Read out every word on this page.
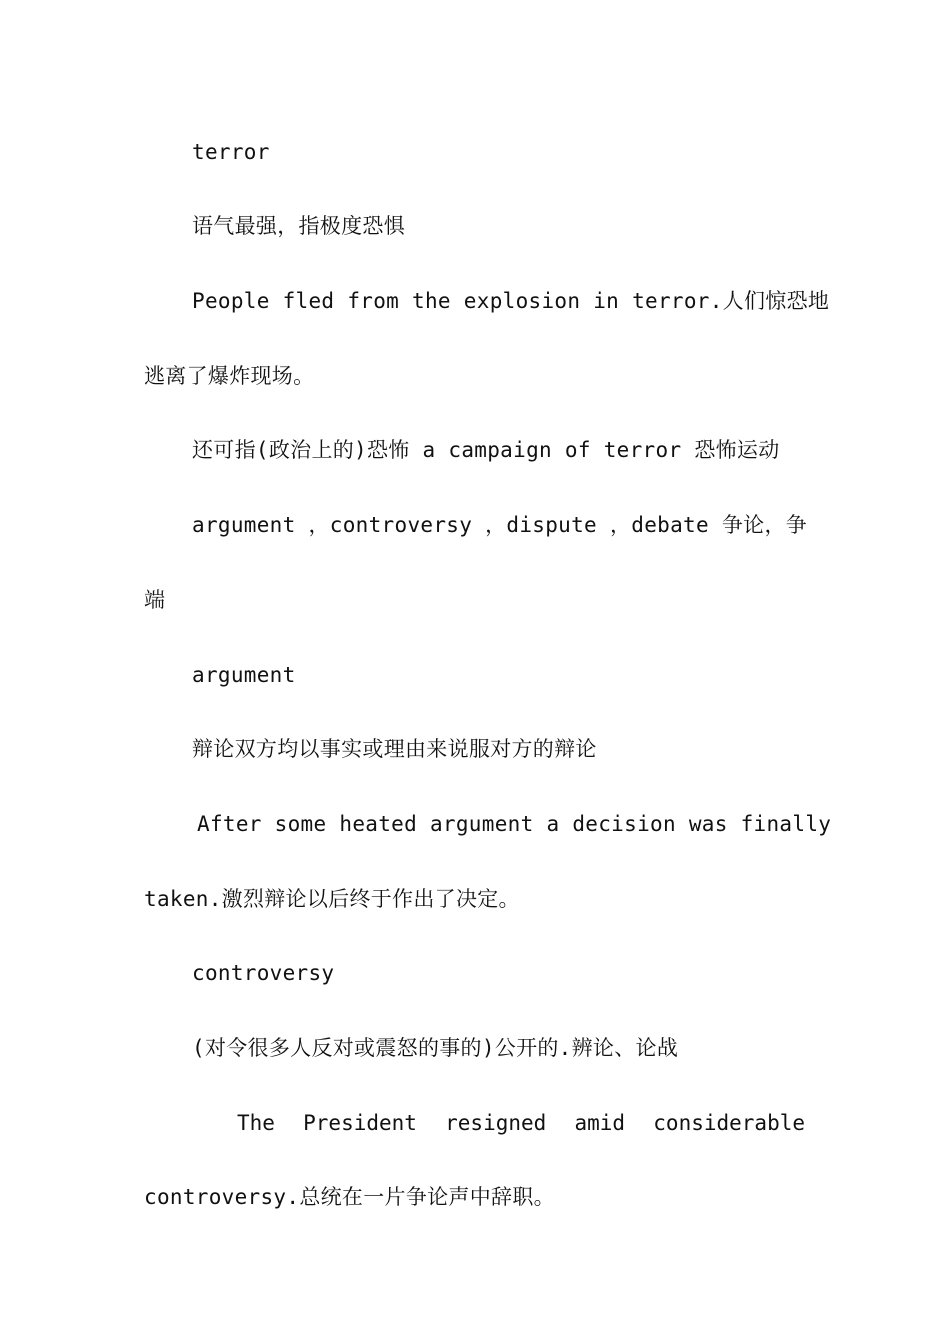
terror
语气最强，指极度恐惧
People fled from the explosion in terror.人们惊恐地
逃离了爆炸现场。
还可指(政治上的)恐怖 a campaign of terror 恐怖运动
argument ，controversy ，dispute ，debate 争论，争
端
argument
辩论双方均以事实或理由来说服对方的辩论
After some heated argument a decision was finally
taken.激烈辩论以后终于作出了决定。
controversy
(对令很多人反对或震怒的事的)公开的.辨论、论战
The President resigned amid considerable
controversy.总统在一片争论声中辞职。
